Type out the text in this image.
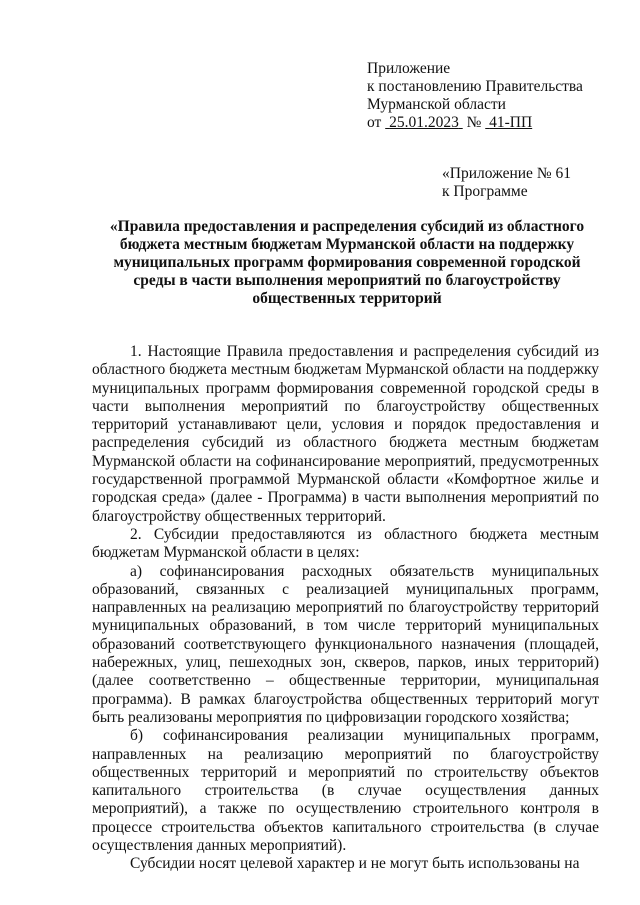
Приложение
к постановлению Правительства
Мурманской области
от 25.01.2023 № 41-ПП
«Приложение № 61
к Программе
«Правила предоставления и распределения субсидий из областного бюджета местным бюджетам Мурманской области на поддержку муниципальных программ формирования современной городской среды в части выполнения мероприятий по благоустройству общественных территорий

1. Настоящие Правила предоставления и распределения субсидий из областного бюджета местным бюджетам Мурманской области на поддержку муниципальных программ формирования современной городской среды в части выполнения мероприятий по благоустройству общественных территорий устанавливают цели, условия и порядок предоставления и распределения субсидий из областного бюджета местным бюджетам Мурманской области на софинансирование мероприятий, предусмотренных государственной программой Мурманской области «Комфортное жилье и городская среда» (далее - Программа) в части выполнения мероприятий по благоустройству общественных территорий.

2. Субсидии предоставляются из областного бюджета местным бюджетам Мурманской области в целях:

а) софинансирования расходных обязательств муниципальных образований, связанных с реализацией муниципальных программ, направленных на реализацию мероприятий по благоустройству территорий муниципальных образований, в том числе территорий муниципальных образований соответствующего функционального назначения (площадей, набережных, улиц, пешеходных зон, скверов, парков, иных территорий) (далее соответственно – общественные территории, муниципальная программа). В рамках благоустройства общественных территорий могут быть реализованы мероприятия по цифровизации городского хозяйства;

б) софинансирования реализации муниципальных программ, направленных на реализацию мероприятий по благоустройству общественных территорий и мероприятий по строительству объектов капитального строительства (в случае осуществления данных мероприятий), а также по осуществлению строительного контроля в процессе строительства объектов капитального строительства (в случае осуществления данных мероприятий).

Субсидии носят целевой характер и не могут быть использованы на
